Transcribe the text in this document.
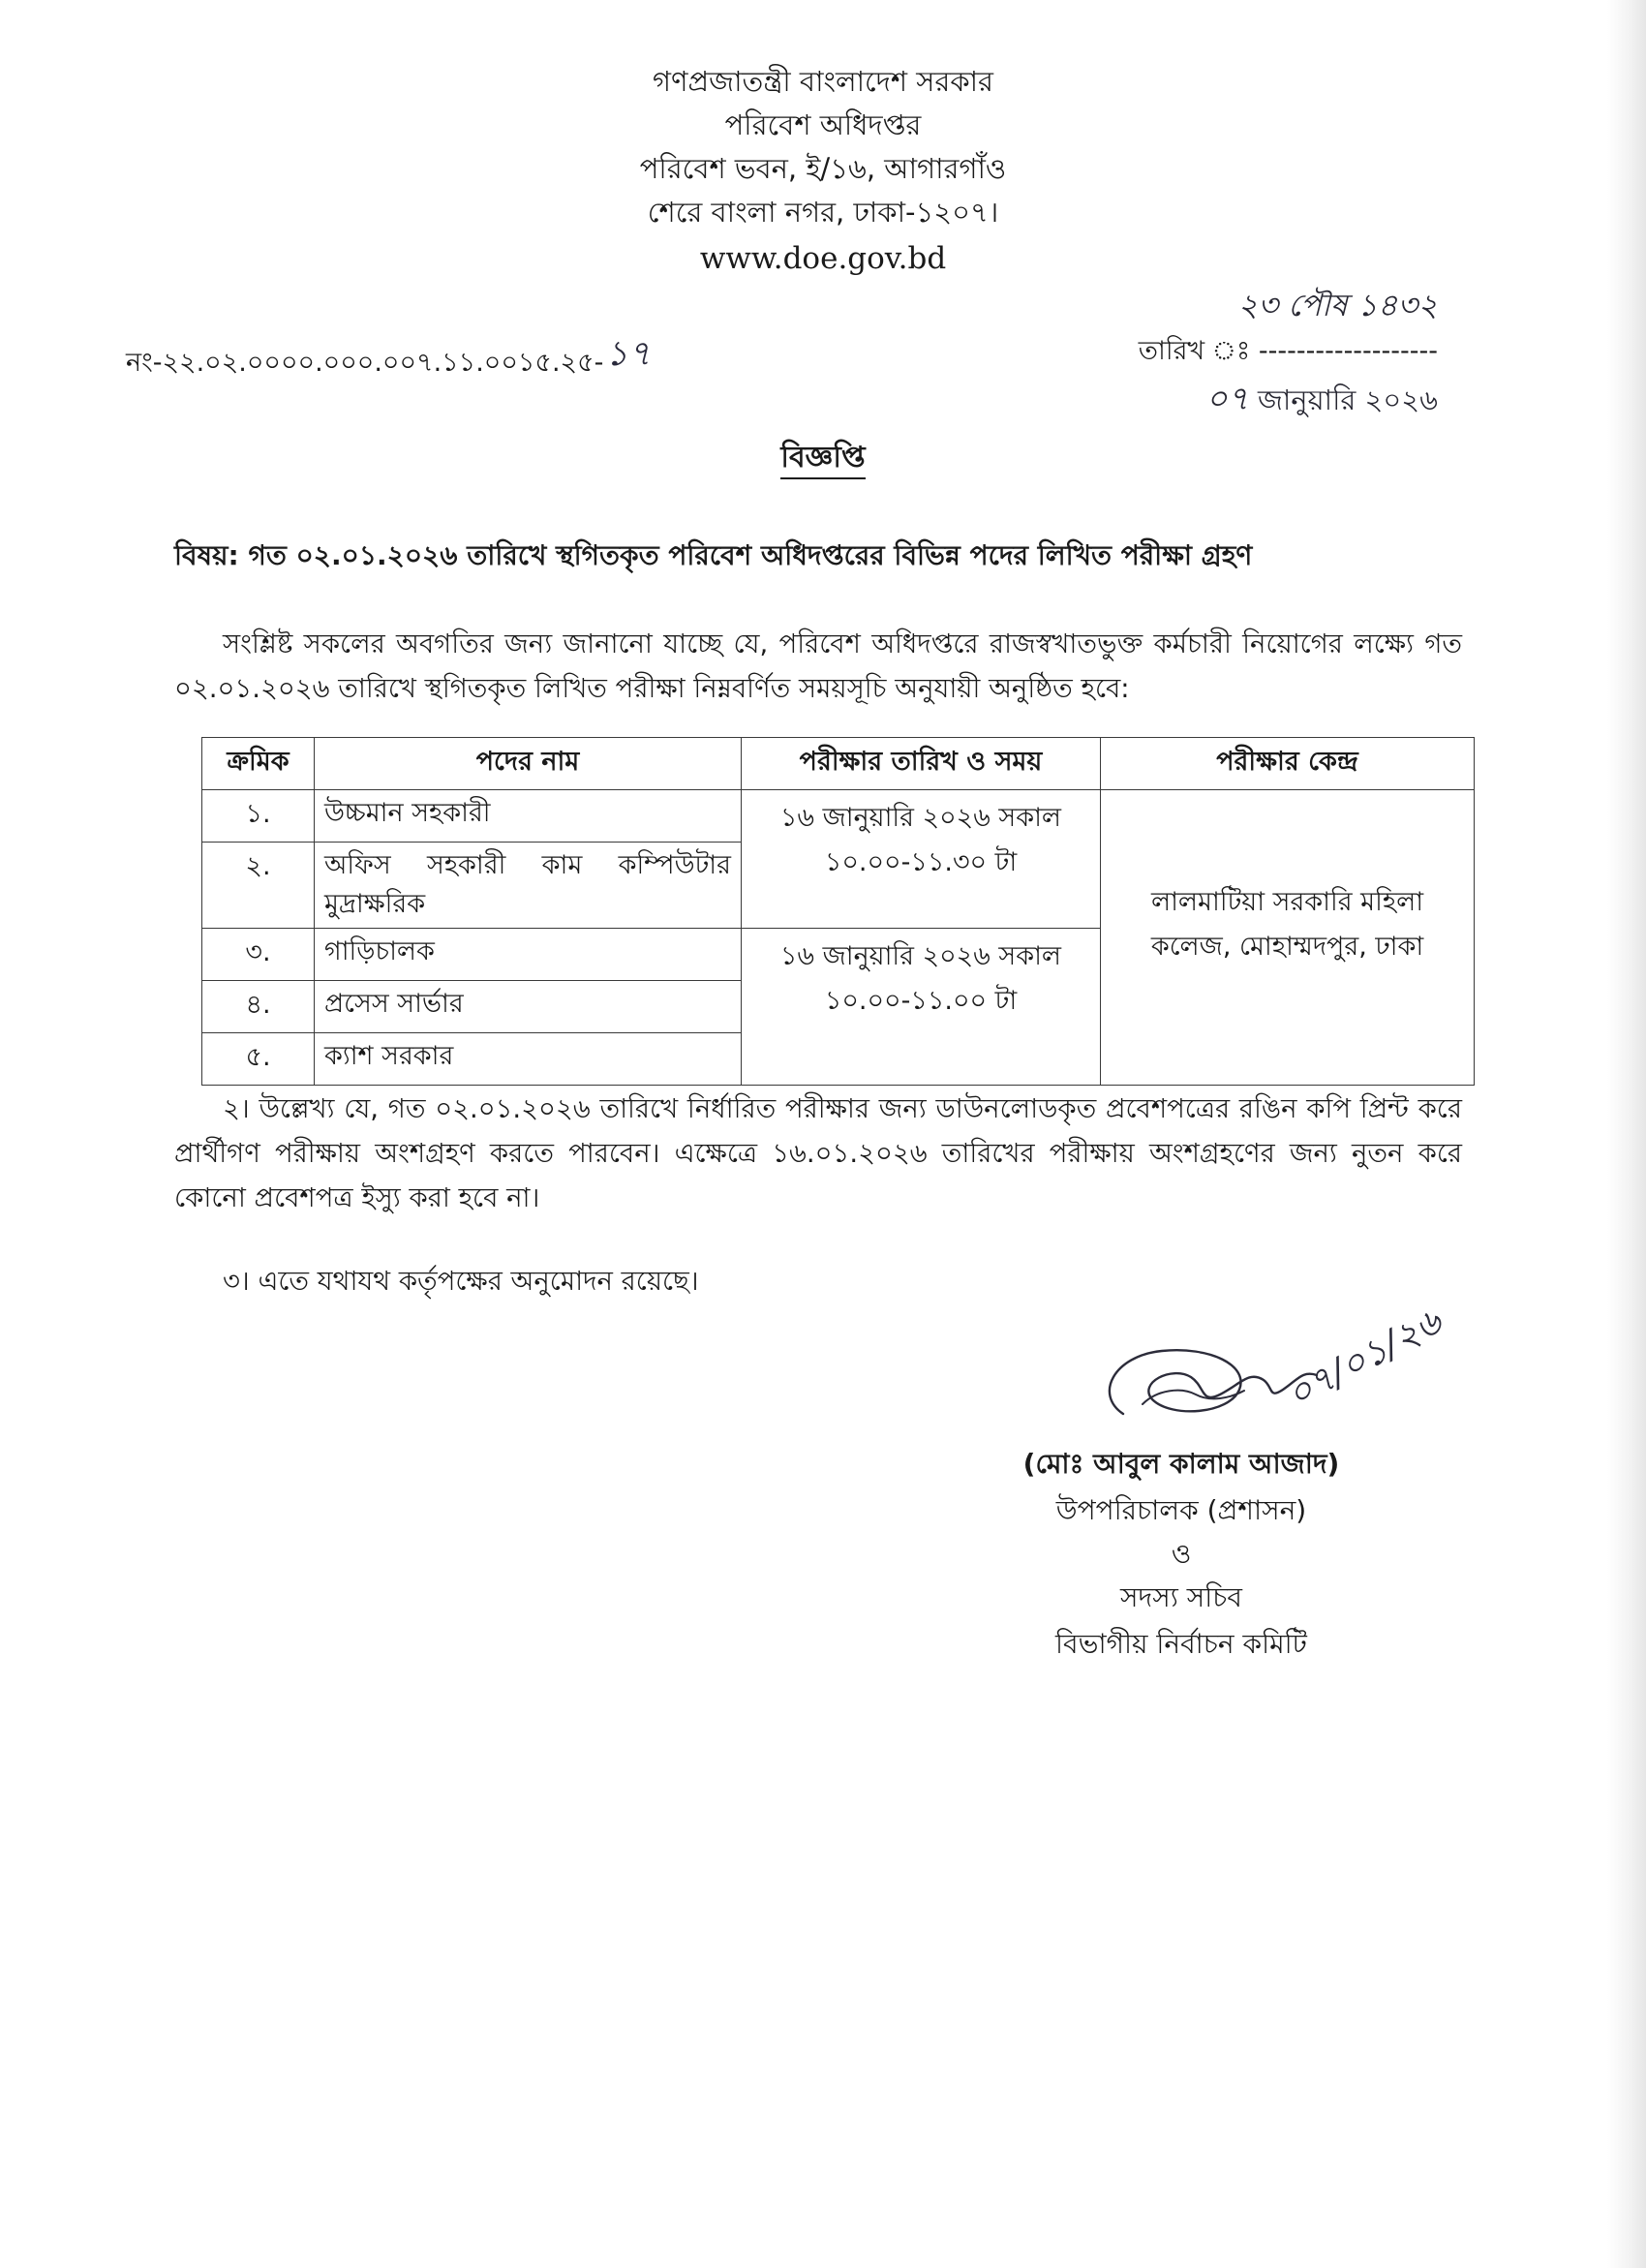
গণপ্রজাতন্ত্রী বাংলাদেশ সরকার
পরিবেশ অধিদপ্তর
পরিবেশ ভবন, ই/১৬, আগারগাঁও
শেরে বাংলা নগর, ঢাকা-১২০৭।
www.doe.gov.bd
নং-২২.০২.০০০০.০০০.০০৭.১১.০০১৫.২৫-১৭
২৩ পৌষ ১৪৩২
তারিখ ঃ -------------------
০৭ জানুয়ারি ২০২৬
বিজ্ঞপ্তি
বিষয়: গত ০২.০১.২০২৬ তারিখে স্থগিতকৃত পরিবেশ অধিদপ্তরের বিভিন্ন পদের লিখিত পরীক্ষা গ্রহণ
সংশ্লিষ্ট সকলের অবগতির জন্য জানানো যাচ্ছে যে, পরিবেশ অধিদপ্তরে রাজস্বখাতভুক্ত কর্মচারী নিয়োগের লক্ষ্যে গত ০২.০১.২০২৬ তারিখে স্থগিতকৃত লিখিত পরীক্ষা নিম্নবর্ণিত সময়সূচি অনুযায়ী অনুষ্ঠিত হবে:
ক্রমিক	পদের নাম	পরীক্ষার তারিখ ও সময়	পরীক্ষার কেন্দ্র
১.	উচ্চমান সহকারী	১৬ জানুয়ারি ২০২৬ সকাল ১০.০০-১১.৩০ টা	লালমাটিয়া সরকারি মহিলা কলেজ, মোহাম্মদপুর, ঢাকা
২.	অফিস সহকারী কাম কম্পিউটার মুদ্রাক্ষরিক		
৩.	গাড়িচালক	১৬ জানুয়ারি ২০২৬ সকাল ১০.০০-১১.০০ টা	
৪.	প্রসেস সার্ভার		
৫.	ক্যাশ সরকার		
২। উল্লেখ্য যে, গত ০২.০১.২০২৬ তারিখে নির্ধারিত পরীক্ষার জন্য ডাউনলোডকৃত প্রবেশপত্রের রঙিন কপি প্রিন্ট করে প্রার্থীগণ পরীক্ষায় অংশগ্রহণ করতে পারবেন। এক্ষেত্রে ১৬.০১.২০২৬ তারিখের পরীক্ষায় অংশগ্রহণের জন্য নুতন করে কোনো প্রবেশপত্র ইস্যু করা হবে না।
৩। এতে যথাযথ কর্তৃপক্ষের অনুমোদন রয়েছে।
০৭/০১/২৬
(মোঃ আবুল কালাম আজাদ)
উপপরিচালক (প্রশাসন)
ও
সদস্য সচিব
বিভাগীয় নির্বাচন কমিটি
